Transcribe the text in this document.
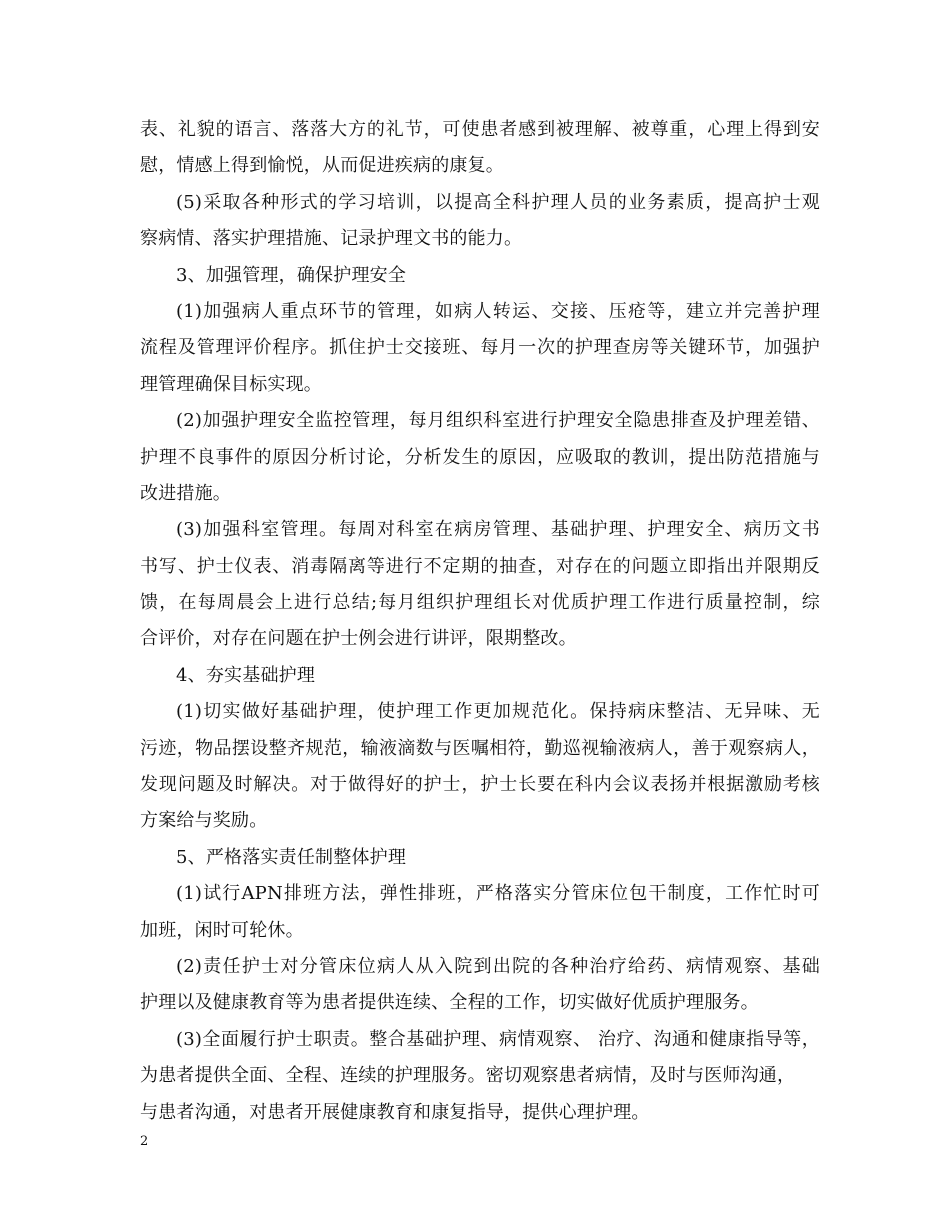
表、礼貌的语言、落落大方的礼节，可使患者感到被理解、被尊重，心理上得到安
慰，情感上得到愉悦，从而促进疾病的康复。
(5)采取各种形式的学习培训，以提高全科护理人员的业务素质，提高护士观
察病情、落实护理措施、记录护理文书的能力。
3、加强管理，确保护理安全
(1)加强病人重点环节的管理，如病人转运、交接、压疮等，建立并完善护理
流程及管理评价程序。抓住护士交接班、每月一次的护理查房等关键环节，加强护
理管理确保目标实现。
(2)加强护理安全监控管理，每月组织科室进行护理安全隐患排查及护理差错、
护理不良事件的原因分析讨论，分析发生的原因，应吸取的教训，提出防范措施与
改进措施。
(3)加强科室管理。每周对科室在病房管理、基础护理、护理安全、病历文书
书写、护士仪表、消毒隔离等进行不定期的抽查，对存在的问题立即指出并限期反
馈，在每周晨会上进行总结;每月组织护理组长对优质护理工作进行质量控制，综
合评价，对存在问题在护士例会进行讲评，限期整改。
4、夯实基础护理
(1)切实做好基础护理，使护理工作更加规范化。保持病床整洁、无异味、无
污迹，物品摆设整齐规范，输液滴数与医嘱相符，勤巡视输液病人，善于观察病人，
发现问题及时解决。对于做得好的护士，护士长要在科内会议表扬并根据激励考核
方案给与奖励。
5、严格落实责任制整体护理
(1)试行APN排班方法，弹性排班，严格落实分管床位包干制度，工作忙时可
加班，闲时可轮休。
(2)责任护士对分管床位病人从入院到出院的各种治疗给药、病情观察、基础
护理以及健康教育等为患者提供连续、全程的工作，切实做好优质护理服务。
(3)全面履行护士职责。整合基础护理、病情观察、 治疗、沟通和健康指导等，
为患者提供全面、全程、连续的护理服务。密切观察患者病情，及时与医师沟通，
与患者沟通，对患者开展健康教育和康复指导，提供心理护理。
2
